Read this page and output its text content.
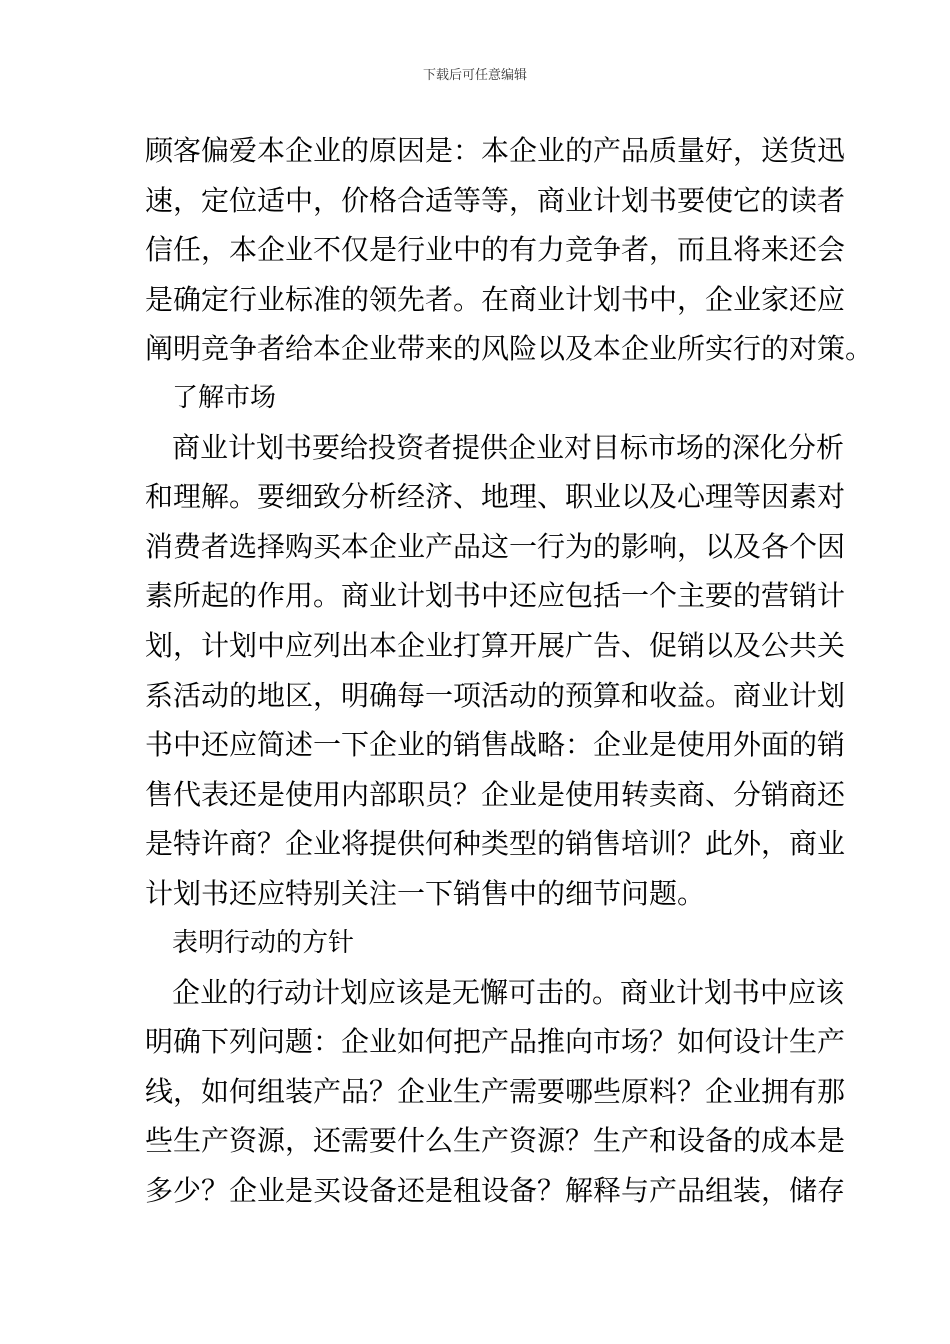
下载后可任意编辑
顾客偏爱本企业的原因是：本企业的产品质量好，送货迅
速，定位适中，价格合适等等，商业计划书要使它的读者
信任，本企业不仅是行业中的有力竞争者，而且将来还会
是确定行业标准的领先者。在商业计划书中，企业家还应
阐明竞争者给本企业带来的风险以及本企业所实行的对策。
了解市场
商业计划书要给投资者提供企业对目标市场的深化分析
和理解。要细致分析经济、地理、职业以及心理等因素对
消费者选择购买本企业产品这一行为的影响，以及各个因
素所起的作用。商业计划书中还应包括一个主要的营销计
划，计划中应列出本企业打算开展广告、促销以及公共关
系活动的地区，明确每一项活动的预算和收益。商业计划
书中还应简述一下企业的销售战略：企业是使用外面的销
售代表还是使用内部职员？企业是使用转卖商、分销商还
是特许商？企业将提供何种类型的销售培训？此外，商业
计划书还应特别关注一下销售中的细节问题。
表明行动的方针
企业的行动计划应该是无懈可击的。商业计划书中应该
明确下列问题：企业如何把产品推向市场？如何设计生产
线，如何组装产品？企业生产需要哪些原料？企业拥有那
些生产资源，还需要什么生产资源？生产和设备的成本是
多少？企业是买设备还是租设备？解释与产品组装，储存
